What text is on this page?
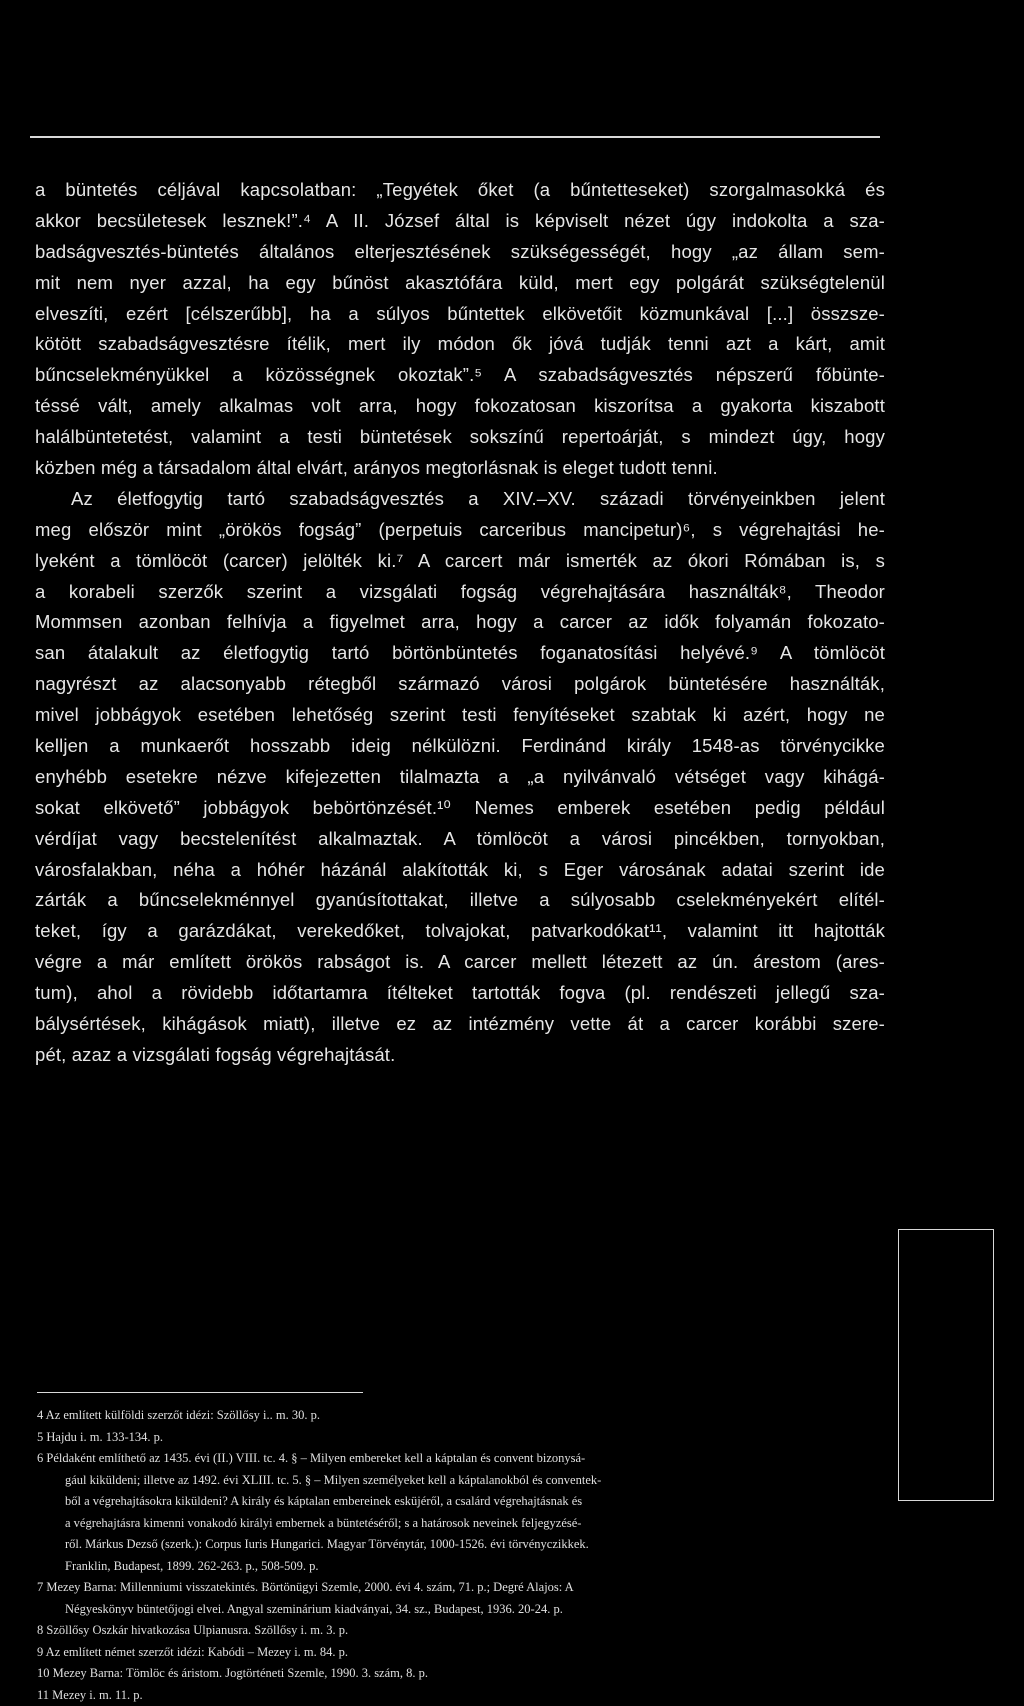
a büntetés céljával kapcsolatban: „Tegyétek őket (a bűntetteseket) szorgalmasokká és
akkor becsületesek lesznek!”.⁴ A II. József által is képviselt nézet úgy indokolta a sza-
badságvesztés-büntetés általános elterjesztésének szükségességét, hogy „az állam sem-
mit nem nyer azzal, ha egy bűnöst akasztófára küld, mert egy polgárát szükségtelenül
elveszíti, ezért [célszerűbb], ha a súlyos bűntettek elkövetőit közmunkával [...] összsze-
kötött szabadságvesztésre ítélik, mert ily módon ők jóvá tudják tenni azt a kárt, amit
bűncselekményükkel a közösségnek okoztak”.⁵ A szabadságvesztés népszerű főbünte-
téssé vált, amely alkalmas volt arra, hogy fokozatosan kiszorítsa a gyakorta kiszabott
halálbüntetetést, valamint a testi büntetések sokszínű repertoárját, s mindezt úgy, hogy
közben még a társadalom által elvárt, arányos megtorlásnak is eleget tudott tenni.
Az életfogytig tartó szabadságvesztés a XIV.–XV. századi törvényeinkben jelent
meg először mint „örökös fogság” (perpetuis carceribus mancipetur)⁶, s végrehajtási he-
lyeként a tömlöcöt (carcer) jelölték ki.⁷ A carcert már ismerték az ókori Rómában is, s
a korabeli szerzők szerint a vizsgálati fogság végrehajtására használták⁸, Theodor
Mommsen azonban felhívja a figyelmet arra, hogy a carcer az idők folyamán fokozato-
san átalakult az életfogytig tartó börtönbüntetés foganatosítási helyévé.⁹ A tömlöcöt
nagyrészt az alacsonyabb rétegből származó városi polgárok büntetésére használták,
mivel jobbágyok esetében lehetőség szerint testi fenyítéseket szabtak ki azért, hogy ne
kelljen a munkaerőt hosszabb ideig nélkülözni. Ferdinánd király 1548-as törvénycikke
enyhébb esetekre nézve kifejezetten tilalmazta a „a nyilvánvaló vétséget vagy kihágá-
sokat elkövető” jobbágyok bebörtönzését.¹⁰ Nemes emberek esetében pedig például
vérdíjat vagy becstelenítést alkalmaztak. A tömlöcöt a városi pincékben, tornyokban,
városfalakban, néha a hóhér házánál alakították ki, s Eger városának adatai szerint ide
zárták a bűncselekménnyel gyanúsítottakat, illetve a súlyosabb cselekményekért elítél-
teket, így a garázdákat, verekedőket, tolvajokat, patvarkodókat¹¹, valamint itt hajtották
végre a már említett örökös rabságot is. A carcer mellett létezett az ún. árestom (ares-
tum), ahol a rövidebb időtartamra ítélteket tartották fogva (pl. rendészeti jellegű sza-
bálysértések, kihágások miatt), illetve ez az intézmény vette át a carcer korábbi szere-
pét, azaz a vizsgálati fogság végrehajtását.
4 Az említett külföldi szerzőt idézi: Szöllősy i.. m. 30. p.
5 Hajdu i. m. 133-134. p.
6 Példaként említhető az 1435. évi (II.) VIII. tc. 4. § – Milyen embereket kell a káptalan és convent bizonysá-
gául kiküldeni; illetve az 1492. évi XLIII. tc. 5. § – Milyen személyeket kell a káptalanokból és conventek-
ből a végrehajtásokra kiküldeni? A király és káptalan embereinek esküjéről, a csalárd végrehajtásnak és
a végrehajtásra kimenni vonakodó királyi embernek a büntetéséről; s a határosok neveinek feljegyzésé-
ről. Márkus Dezső (szerk.): Corpus Iuris Hungarici. Magyar Törvénytár, 1000-1526. évi törvényczikkek.
Franklin, Budapest, 1899. 262-263. p., 508-509. p.
7 Mezey Barna: Millenniumi visszatekintés. Börtönügyi Szemle, 2000. évi 4. szám, 71. p.; Degré Alajos: A
Négyeskönyv büntetőjogi elvei. Angyal szeminárium kiadványai, 34. sz., Budapest, 1936. 20-24. p.
8 Szöllősy Oszkár hivatkozása Ulpianusra. Szöllősy i. m. 3. p.
9 Az említett német szerzőt idézi: Kabódi – Mezey i. m. 84. p.
10 Mezey Barna: Tömlöc és áristom. Jogtörténeti Szemle, 1990. 3. szám, 8. p.
11 Mezey i. m. 11. p.
